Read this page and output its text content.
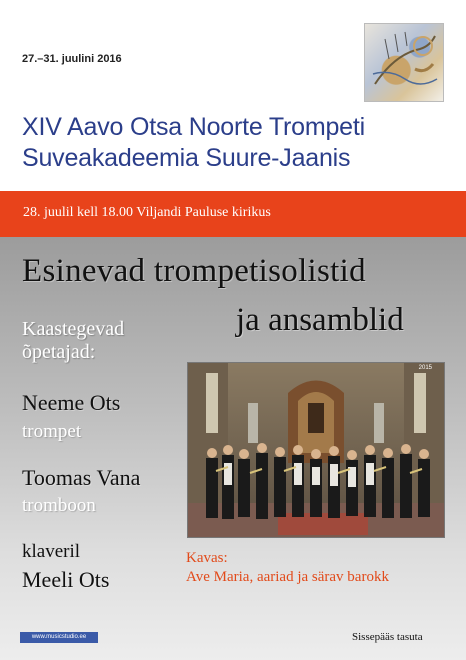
27.–31. juulini 2016
XIV Aavo Otsa Noorte Trompeti
Suveakadeemia Suure-Jaanis
28. juulil kell 18.00 Viljandi Pauluse kirikus
Esinevad trompetisolistid
ja ansamblid
Kaastegevad
õpetajad:
Neeme Ots
trompet
Toomas Vana
tromboon
klaveril
Meeli Ots
2015
Kavas:
Ave Maria, aariad ja särav barokk
www.musicstudio.ee	Sissepääs tasuta
